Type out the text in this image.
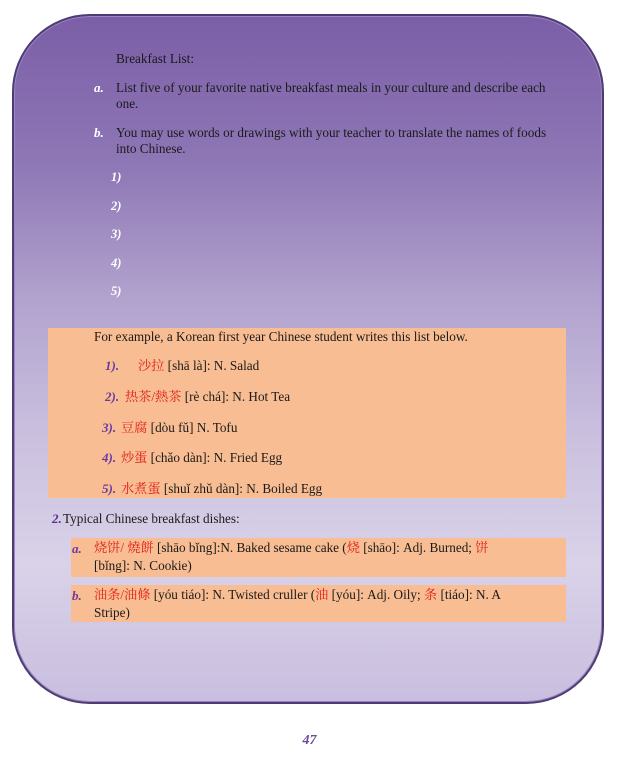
Breakfast List:
a. List five of your favorite native breakfast meals in your culture and describe each one.
b. You may use words or drawings with your teacher to translate the names of foods into Chinese.
1)
2)
3)
4)
5)
For example, a Korean first year Chinese student writes this list below.
1). 沙拉 [shā là]: N. Salad
2). 热茶/熱茶 [rè chá]: N. Hot Tea
3). 豆腐 [dòu fǔ] N. Tofu
4). 炒蛋 [chǎo dàn]: N. Fried Egg
5). 水煮蛋 [shuǐ zhǔ dàn]: N. Boiled Egg
2. Typical Chinese breakfast dishes:
a. 烧饼/ 燒餅 [shāo bǐng]:N. Baked sesame cake (烧 [shāo]: Adj. Burned; 饼
[bǐng]: N. Cookie)
b. 油条/油條 [yóu tiáo]: N. Twisted cruller (油 [yóu]: Adj. Oily; 条 [tiáo]: N. A
Stripe)
47
